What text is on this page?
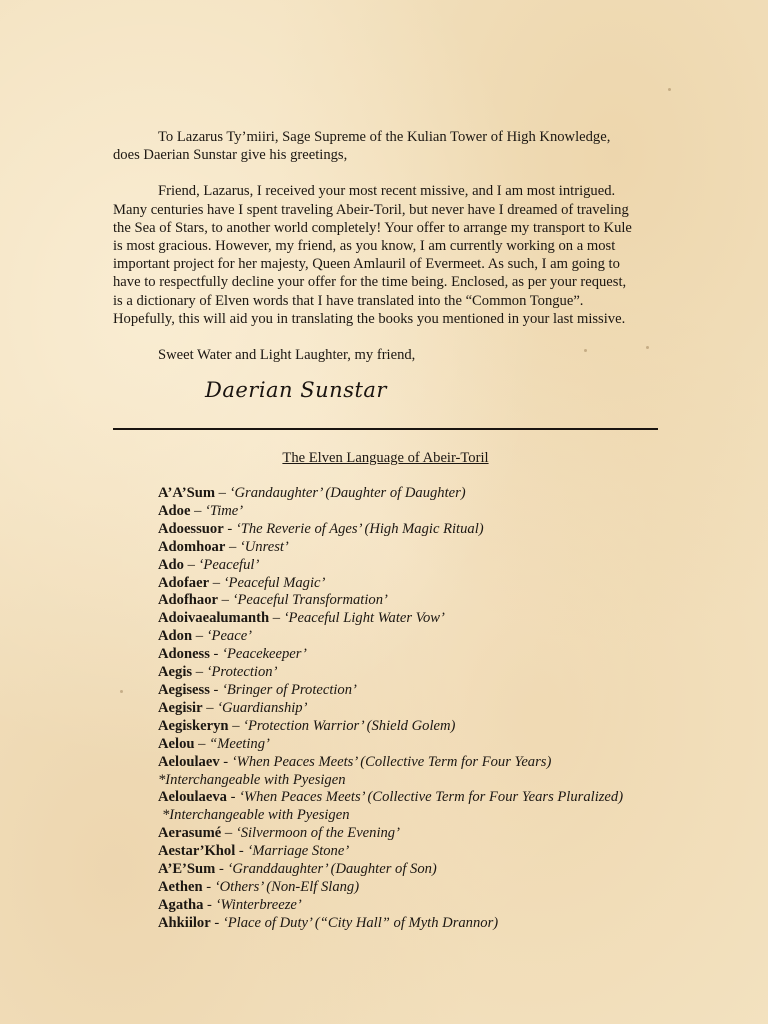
To Lazarus Ty’miiri, Sage Supreme of the Kulian Tower of High Knowledge,

does Daerian Sunstar give his greetings,

Friend, Lazarus, I received your most recent missive, and I am most intrigued.

Many centuries have I spent traveling Abeir-Toril, but never have I dreamed of traveling

the Sea of Stars, to another world completely! Your offer to arrange my transport to Kule

is most gracious. However, my friend, as you know, I am currently working on a most

important project for her majesty, Queen Amlauril of Evermeet. As such, I am going to

have to respectfully decline your offer for the time being. Enclosed, as per your request,

is a dictionary of Elven words that I have translated into the “Common Tongue”.

Hopefully, this will aid you in translating the books you mentioned in your last missive.

Sweet Water and Light Laughter, my friend,

Daerian Sunstar
The Elven Language of Abeir-Toril
A’A’Sum – ‘Grandaughter’ (Daughter of Daughter)
Adoe – ‘Time’
Adoessuor - ‘The Reverie of Ages’ (High Magic Ritual)
Adomhoar – ‘Unrest’
Ado – ‘Peaceful’
Adofaer – ‘Peaceful Magic’
Adofhaor – ‘Peaceful Transformation’
Adoivaealumanth – ‘Peaceful Light Water Vow’
Adon – ‘Peace’
Adoness - ‘Peacekeeper’
Aegis – ‘Protection’
Aegisess - ‘Bringer of Protection’
Aegisir – ‘Guardianship’
Aegiskeryn – ‘Protection Warrior’ (Shield Golem)
Aelou – “Meeting’
Aeloulaev - ‘When Peaces Meets’ (Collective Term for Four Years)
*Interchangeable with Pyesigen
Aeloulaeva - ‘When Peaces Meets’ (Collective Term for Four Years Pluralized)
*Interchangeable with Pyesigen
Aerasumé – ‘Silvermoon of the Evening’
Aestar’Khol - ‘Marriage Stone’
A’E’Sum - ‘Granddaughter’ (Daughter of Son)
Aethen - ‘Others’ (Non-Elf Slang)
Agatha - ‘Winterbreeze’
Ahkiilor - ‘Place of Duty’ (“City Hall” of Myth Drannor)
